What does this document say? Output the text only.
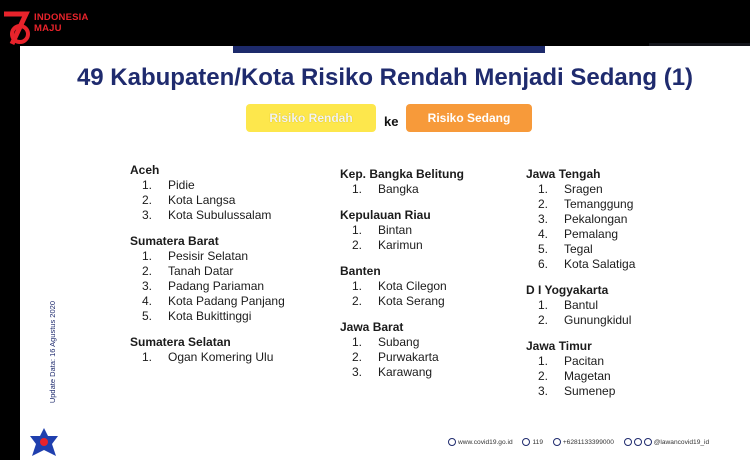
INDONESIA
MAJU
49 Kabupaten/Kota Risiko Rendah Menjadi Sedang (1)
Risiko Rendah	ke	Risiko Sedang
Aceh
1.	Pidie
2.	Kota Langsa
3.	Kota Subulussalam
Sumatera Barat
1.	Pesisir Selatan
2.	Tanah Datar
3.	Padang Pariaman
4.	Kota Padang Panjang
5.	Kota Bukittinggi
Sumatera Selatan
1.	Ogan Komering Ulu
Kep. Bangka Belitung
1.	Bangka
Kepulauan Riau
1.	Bintan
2.	Karimun
Banten
1.	Kota Cilegon
2.	Kota Serang
Jawa Barat
1.	Subang
2.	Purwakarta
3.	Karawang
Jawa Tengah
1.	Sragen
2.	Temanggung
3.	Pekalongan
4.	Pemalang
5.	Tegal
6.	Kota Salatiga
D I Yogyakarta
1.	Bantul
2.	Gunungkidul
Jawa Timur
1.	Pacitan
2.	Magetan
3.	Sumenep
Update Data: 16 Agustus 2020
www.covid19.go.id	119	+6281133399000	@lawancovid19_id
